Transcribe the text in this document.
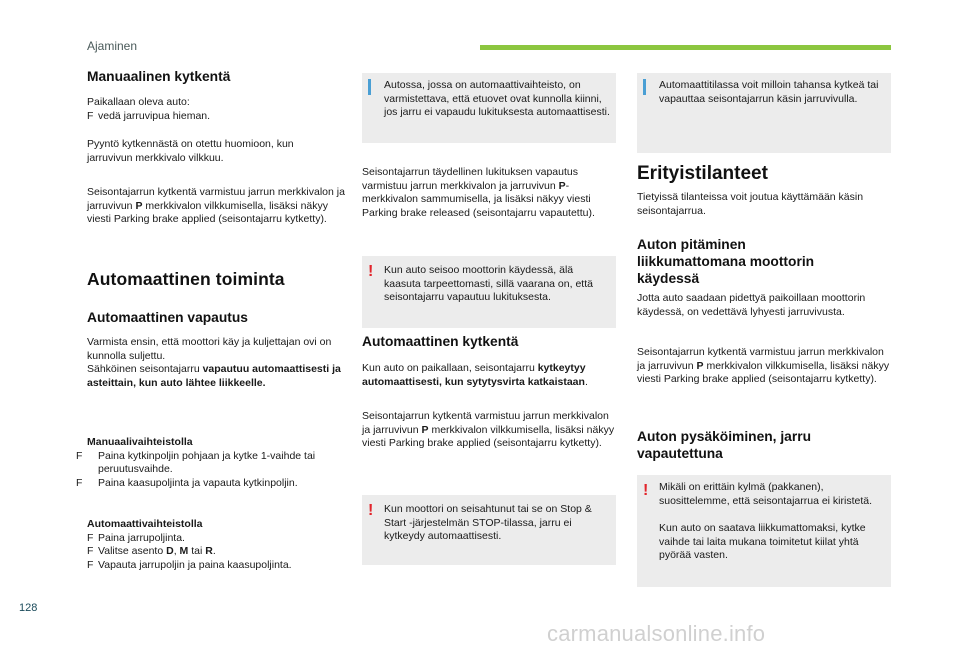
Ajaminen
Manuaalinen kytkentä

Paikallaan oleva auto:

F vedä jarruvipua hieman.

Pyyntö kytkennästä on otettu huomioon, kun jarruvivun merkkivalo vilkkuu.

Seisontajarrun kytkentä varmistuu jarrun merkkivalon ja jarruvivun P merkkivalon vilkkumisella, lisäksi näkyy viesti Parking brake applied (seisontajarru kytketty).

Automaattinen toiminta
Automaattinen vapautus

Varmista ensin, että moottori käy ja kuljettajan ovi on kunnolla suljettu.

Sähköinen seisontajarru vapautuu automaattisesti ja asteittain, kun auto lähtee liikkeelle.

Manuaalivaihteistolla

F Paina kytkinpoljin pohjaan ja kytke 1-vaihde tai peruutusvaihde.

F Paina kaasupoljinta ja vapauta kytkinpoljin.

Automaattivaihteistolla

F Paina jarrupoljinta.

F Valitse asento D, M tai R.

F Vapauta jarrupoljin ja paina kaasupoljinta.

Autossa, jossa on automaattivaihteisto, on varmistettava, että etuovet ovat kunnolla kiinni, jos jarru ei vapaudu lukituksesta automaattisesti.

Seisontajarrun täydellinen lukituksen vapautus varmistuu jarrun merkkivalon ja jarruvivun P-merkkivalon sammumisella, ja lisäksi näkyy viesti Parking brake released (seisontajarru vapautettu).

! Kun auto seisoo moottorin käydessä, älä kaasuta tarpeettomasti, sillä vaarana on, että seisontajarru vapautuu lukituksesta.

Automaattinen kytkentä

Kun auto on paikallaan, seisontajarru kytkeytyy automaattisesti, kun sytytysvirta katkaistaan.

Seisontajarrun kytkentä varmistuu jarrun merkkivalon ja jarruvivun P merkkivalon vilkkumisella, lisäksi näkyy viesti Parking brake applied (seisontajarru kytketty).

! Kun moottori on seisahtunut tai se on Stop & Start -järjestelmän STOP-tilassa, jarru ei kytkeydy automaattisesti.

Automaattitilassa voit milloin tahansa kytkeä tai vapauttaa seisontajarrun käsin jarruvivulla.

Erityistilanteet

Tietyissä tilanteissa voit joutua käyttämään käsin seisontajarrua.

Auton pitäminen liikkumattomana moottorin käydessä

Jotta auto saadaan pidettyä paikoillaan moottorin käydessä, on vedettävä lyhyesti jarruvivusta.

Seisontajarrun kytkentä varmistuu jarrun merkkivalon ja jarruvivun P merkkivalon vilkkumisella, lisäksi näkyy viesti Parking brake applied (seisontajarru kytketty).

Auton pysäköiminen, jarru vapautettuna
! Mikäli on erittäin kylmä (pakkanen), suosittelemme, että seisontajarrua ei kiristetä.

Kun auto on saatava liikkumattomaksi, kytke vaihde tai laita mukana toimitetut kiilat yhtä pyörää vasten.

128
carmanualsonline.info
